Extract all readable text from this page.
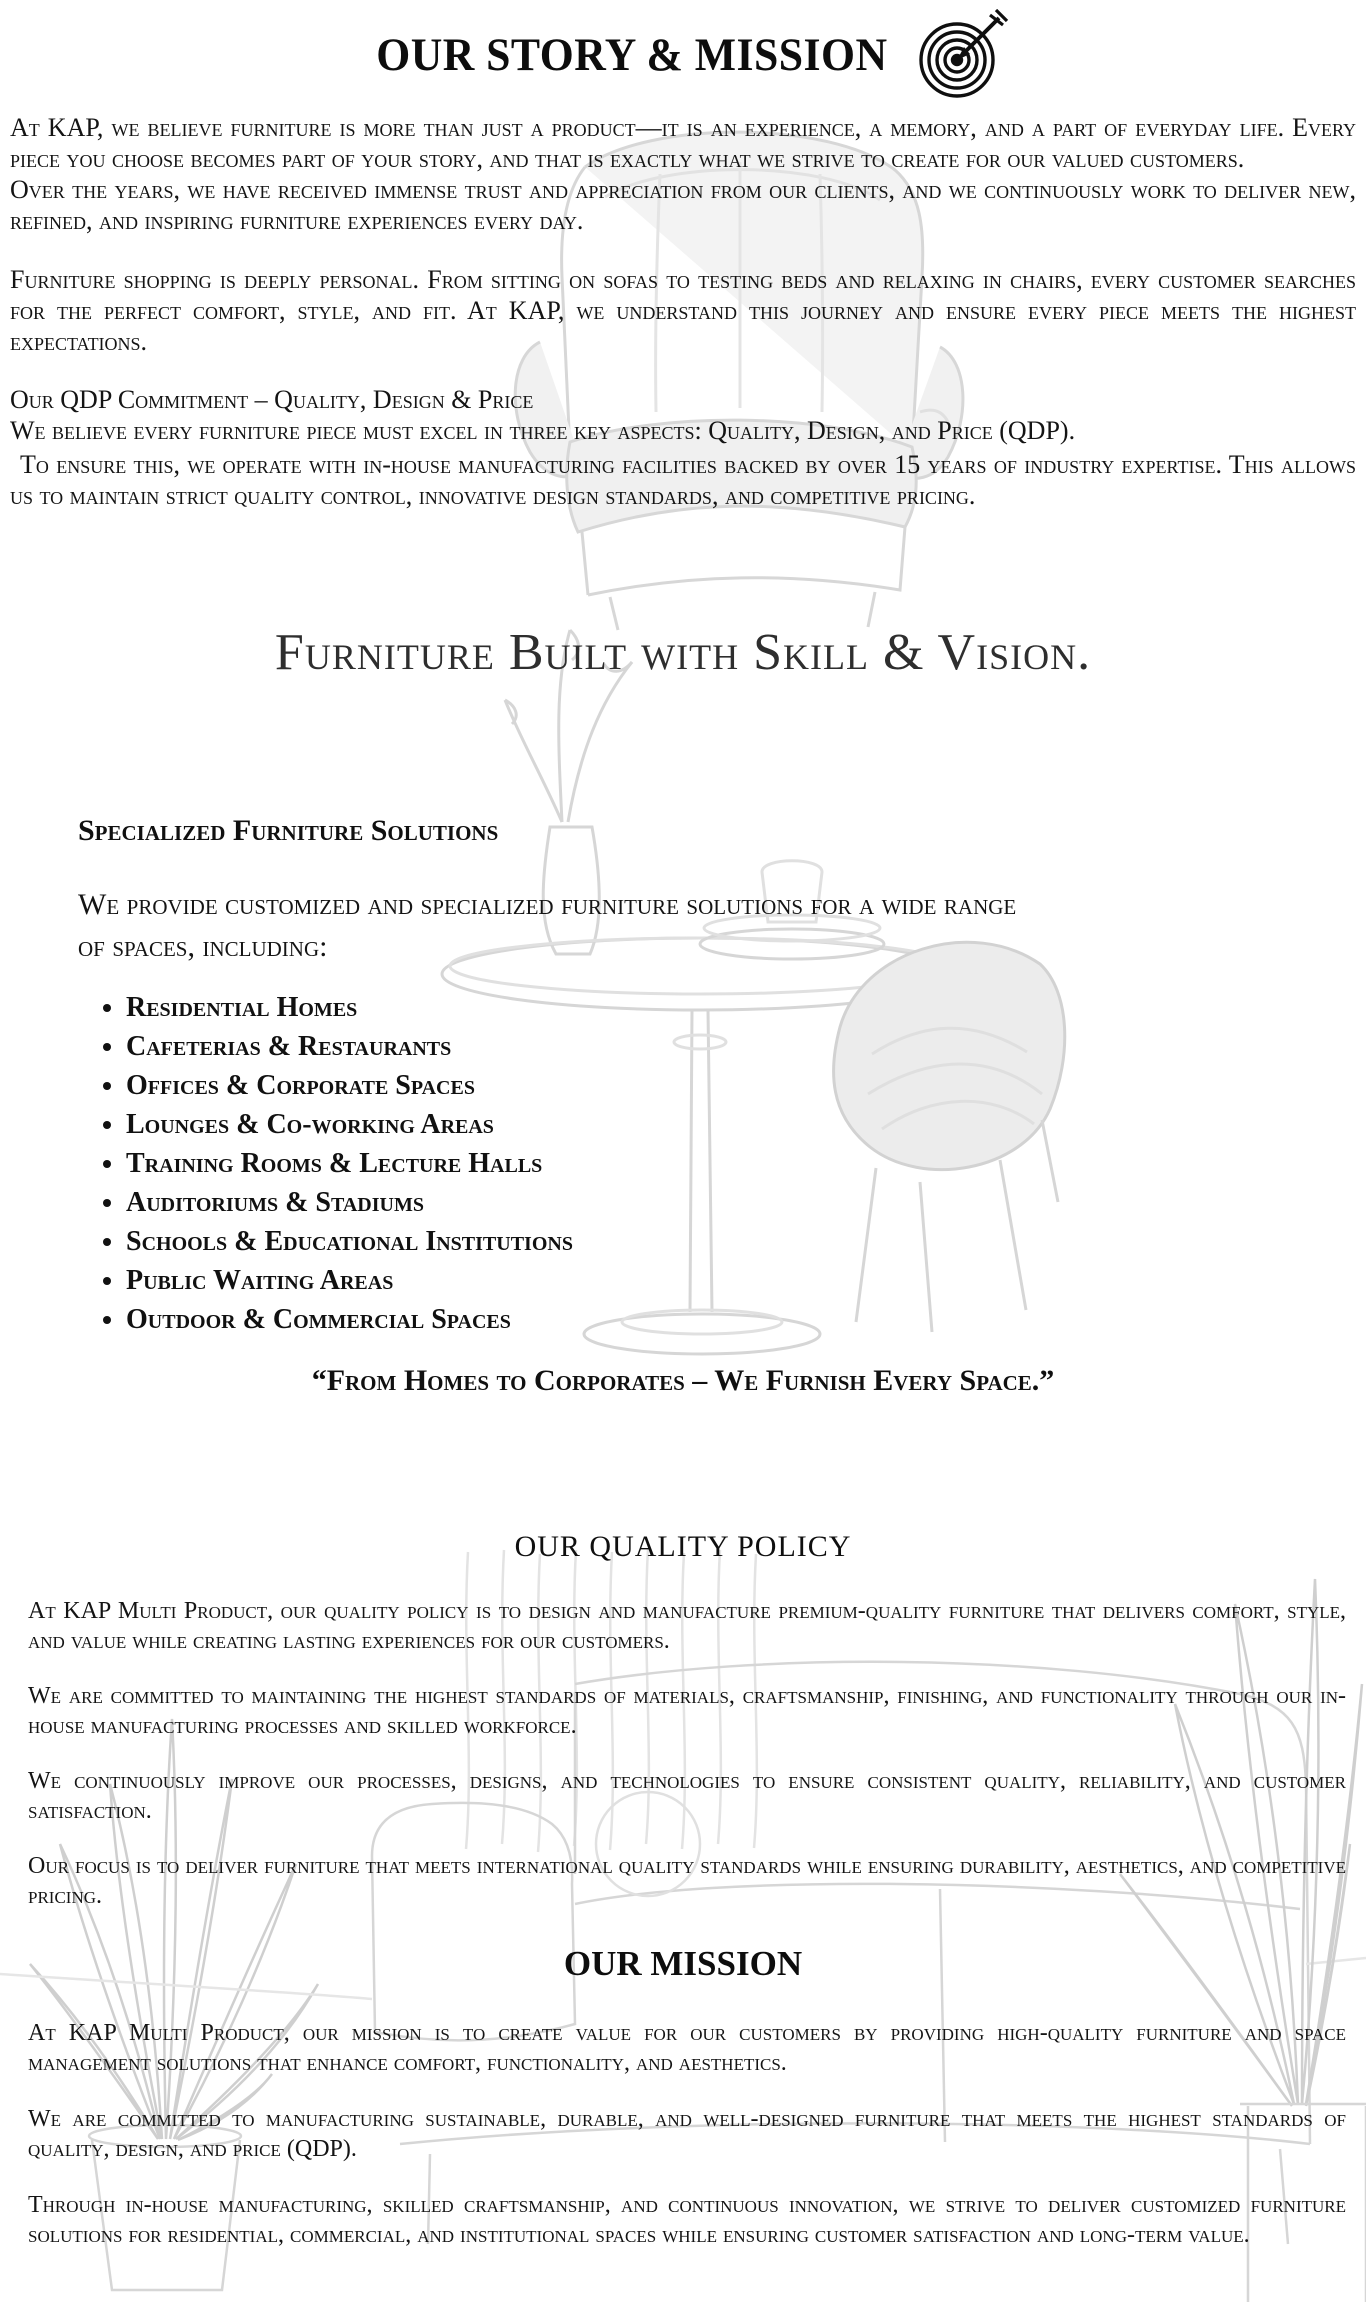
OUR STORY & MISSION

At KAP, we believe furniture is more than just a product—it is an experience, a memory, and a part of everyday life. Every piece you choose becomes part of your story, and that is exactly what we strive to create for our valued customers.

Over the years, we have received immense trust and appreciation from our clients, and we continuously work to deliver new, refined, and inspiring furniture experiences every day.

Furniture shopping is deeply personal. From sitting on sofas to testing beds and relaxing in chairs, every customer searches for the perfect comfort, style, and fit. At KAP, we understand this journey and ensure every piece meets the highest expectations.

Our QDP Commitment – Quality, Design & Price

We believe every furniture piece must excel in three key aspects: Quality, Design, and Price (QDP).

To ensure this, we operate with in-house manufacturing facilities backed by over 15 years of industry expertise. This allows us to maintain strict quality control, innovative design standards, and competitive pricing.

Furniture Built with Skill & Vision.
Specialized Furniture Solutions

We provide customized and specialized furniture solutions for a wide range of spaces, including:

• Residential Homes
• Cafeterias & Restaurants
• Offices & Corporate Spaces
• Lounges & Co-working Areas
• Training Rooms & Lecture Halls
• Auditoriums & Stadiums
• Schools & Educational Institutions
• Public Waiting Areas
• Outdoor & Commercial Spaces
“From Homes to Corporates – We Furnish Every Space.”
OUR QUALITY POLICY

At KAP Multi Product, our quality policy is to design and manufacture premium-quality furniture that delivers comfort, style, and value while creating lasting experiences for our customers.

We are committed to maintaining the highest standards of materials, craftsmanship, finishing, and functionality through our in-house manufacturing processes and skilled workforce.

We continuously improve our processes, designs, and technologies to ensure consistent quality, reliability, and customer satisfaction.

Our focus is to deliver furniture that meets international quality standards while ensuring durability, aesthetics, and competitive pricing.

OUR MISSION

At KAP Multi Product, our mission is to create value for our customers by providing high-quality furniture and space management solutions that enhance comfort, functionality, and aesthetics.

We are committed to manufacturing sustainable, durable, and well-designed furniture that meets the highest standards of quality, design, and price (QDP).

Through in-house manufacturing, skilled craftsmanship, and continuous innovation, we strive to deliver customized furniture solutions for residential, commercial, and institutional spaces while ensuring customer satisfaction and long-term value.
